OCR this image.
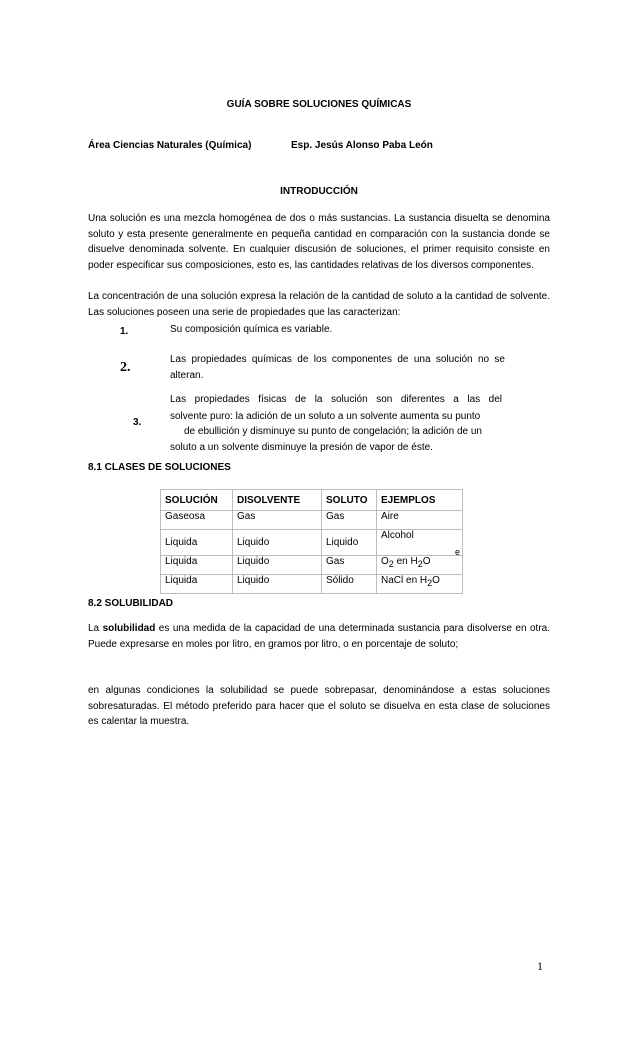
GUÍA SOBRE SOLUCIONES QUÍMICAS
Área Ciencias Naturales (Química)	Esp. Jesús Alonso Paba León
INTRODUCCIÓN
Una solución es una mezcla homogénea de dos o más sustancias. La sustancia disuelta se denomina soluto y esta presente generalmente en pequeña cantidad en comparación con la sustancia donde se disuelve denominada solvente. En cualquier discusión de soluciones, el primer requisito consiste en poder especificar sus composiciones, esto es, las cantidades relativas de los diversos componentes.
La concentración de una solución expresa la relación de la cantidad de soluto a la cantidad de solvente. Las soluciones poseen una serie de propiedades que las caracterizan:
1.	Su composición química es variable.
2.
Las propiedades químicas de los componentes de una solución no se alteran.
3.
Las propiedades físicas de la solución son diferentes a las del
solvente puro: la adición de un soluto a un solvente aumenta su punto
de ebullición y disminuye su punto de congelación; la adición de un
soluto a un solvente disminuye la presión de vapor de éste.
8.1 CLASES DE SOLUCIONES
SOLUCIÓN	DISOLVENTE	SOLUTO	EJEMPLOS
Gaseosa	Gas	Gas	Aire
Liquida	Liquido	Liquido	Alcohol
e

Liquida	Liquido	Gas	$O_2$ en $H_2O$
Liquida	Liquido	Sólido	NaCl en $H_2O$
8.2 SOLUBILIDAD
La solubilidad es una medida de la capacidad de una determinada sustancia para disolverse en otra. Puede expresarse en moles por litro, en gramos por litro, o en porcentaje de soluto;
en algunas condiciones la solubilidad se puede sobrepasar, denominándose a estas soluciones sobresaturadas. El método preferido para hacer que el soluto se disuelva en esta clase de soluciones es calentar la muestra.
1
